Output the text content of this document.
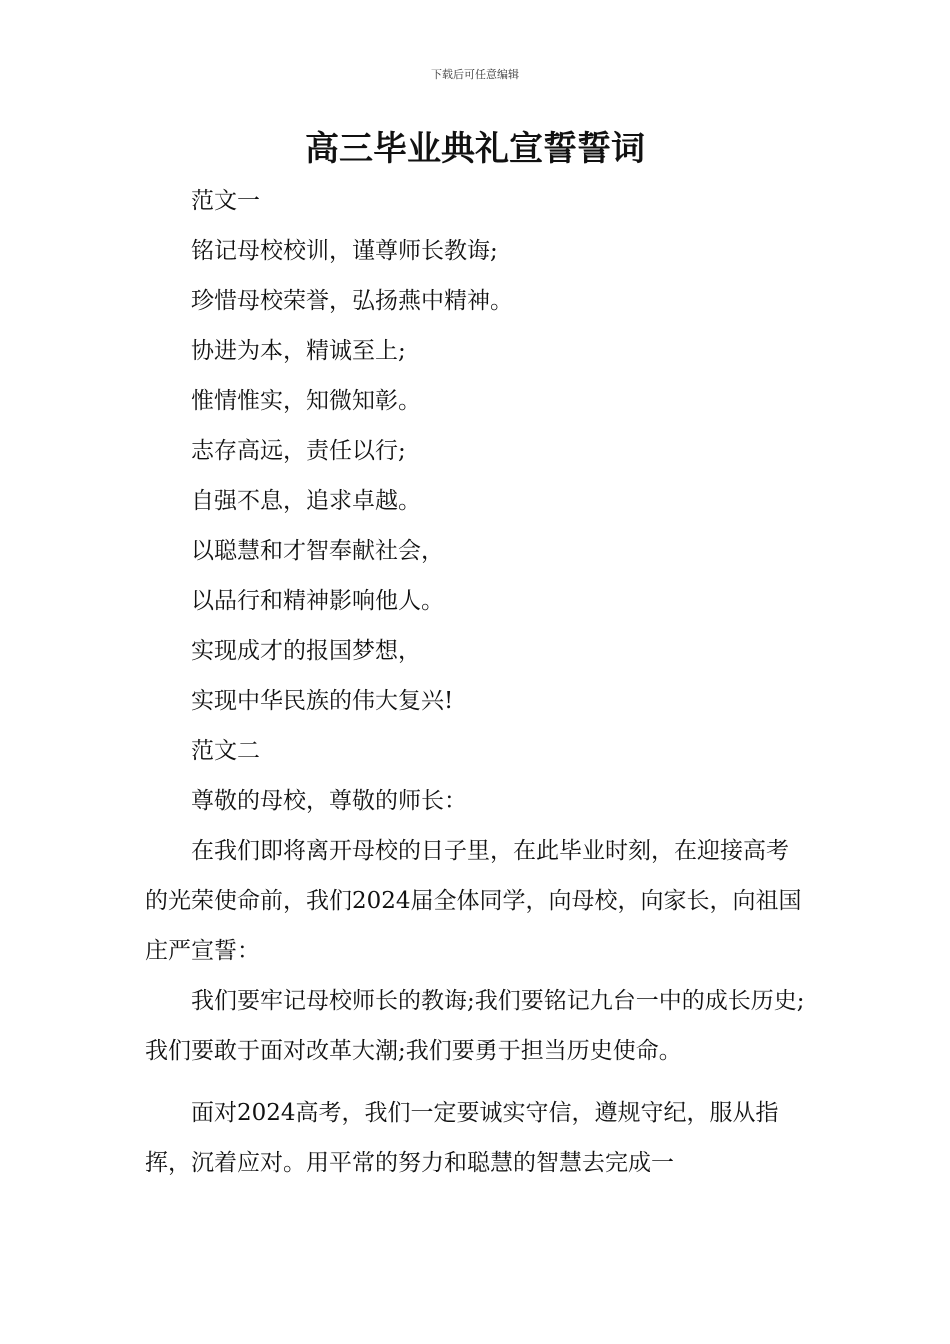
下载后可任意编辑
高三毕业典礼宣誓誓词

范文一

铭记母校校训，谨尊师长教诲;

珍惜母校荣誉，弘扬燕中精神。

协进为本，精诚至上;

惟情惟实，知微知彰。

志存高远，责任以行;

自强不息，追求卓越。

以聪慧和才智奉献社会，

以品行和精神影响他人。

实现成才的报国梦想，

实现中华民族的伟大复兴!

范文二

尊敬的母校，尊敬的师长：

在我们即将离开母校的日子里，在此毕业时刻，在迎接高考的光荣使命前，我们2024届全体同学，向母校，向家长，向祖国庄严宣誓：

我们要牢记母校师长的教诲;我们要铭记九台一中的成长历史;我们要敢于面对改革大潮;我们要勇于担当历史使命。

面对2024高考，我们一定要诚实守信，遵规守纪，服从指挥，沉着应对。用平常的努力和聪慧的智慧去完成一
